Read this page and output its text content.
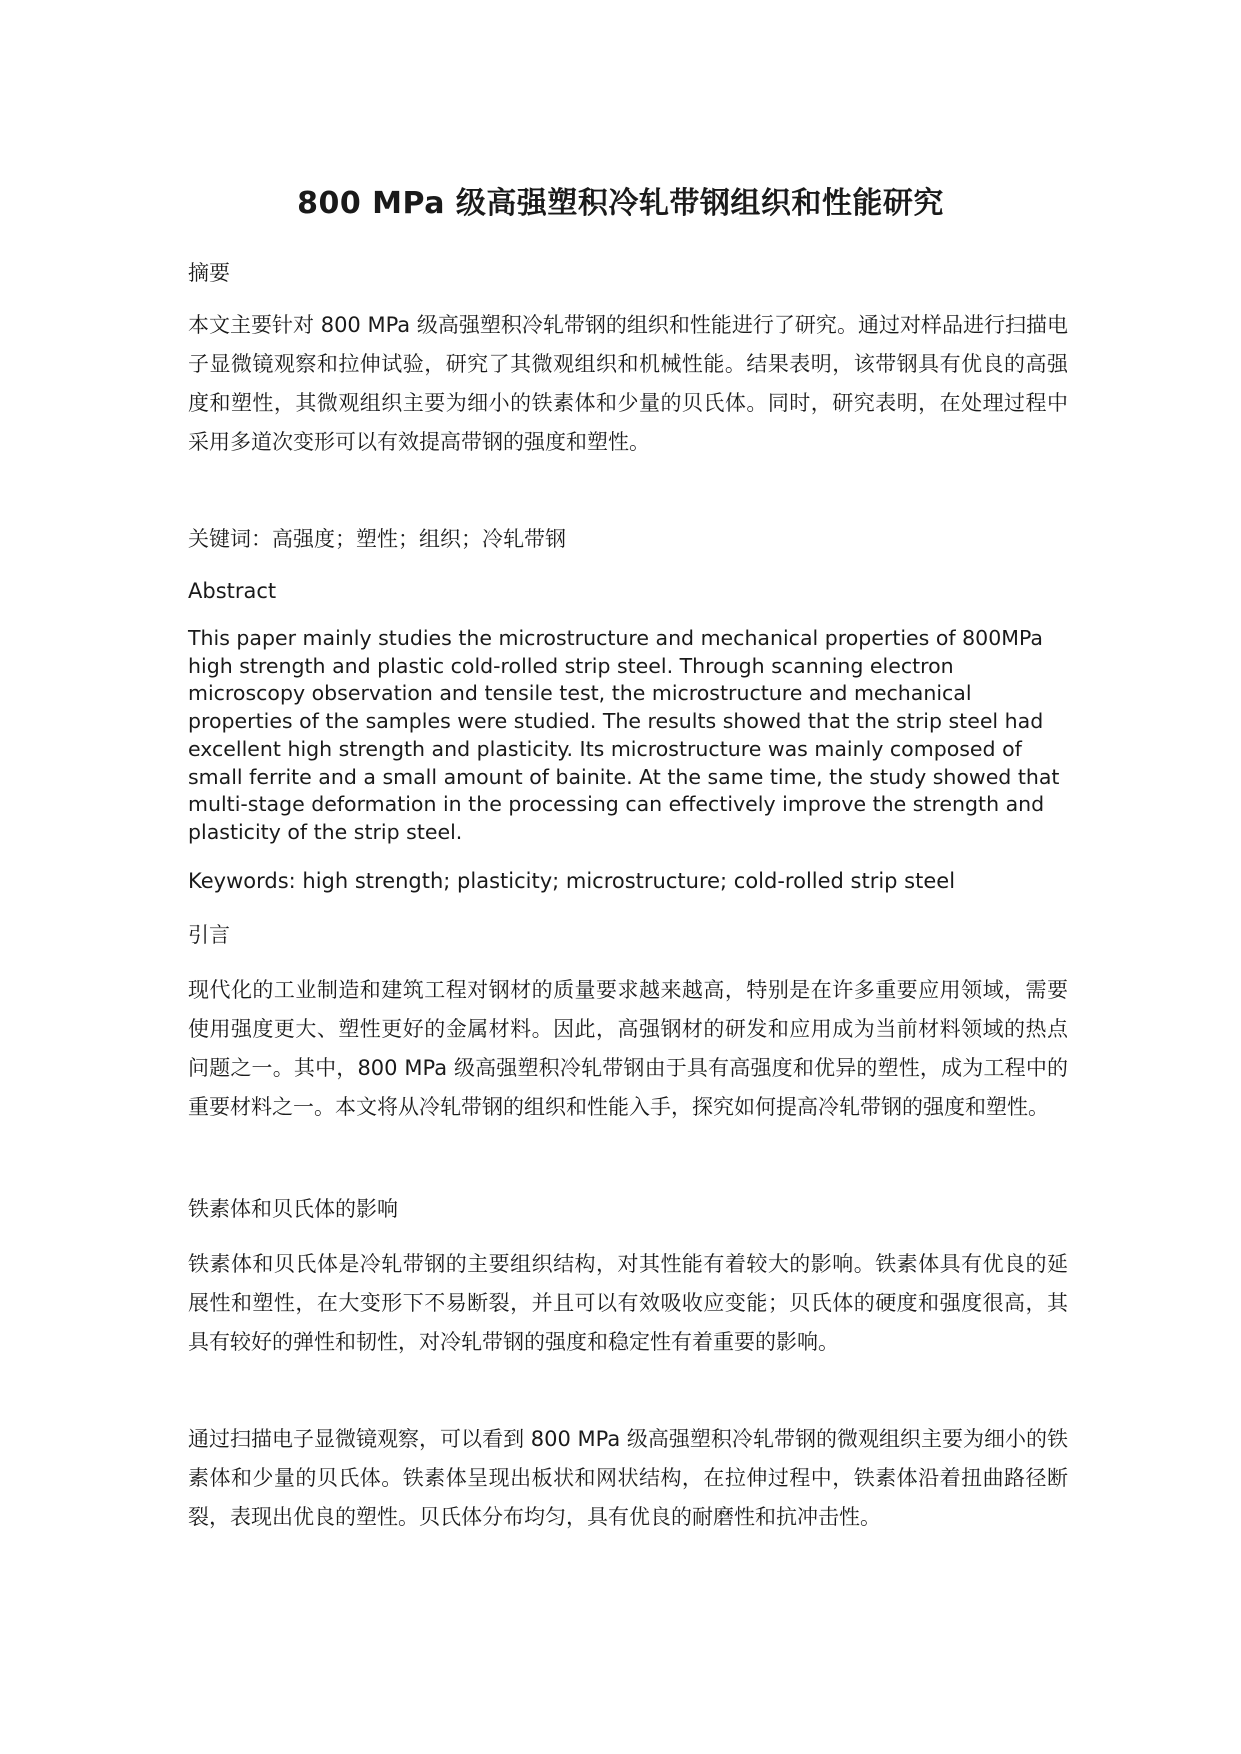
800 MPa 级高强塑积冷轧带钢组织和性能研究

摘要

本文主要针对 800 MPa 级高强塑积冷轧带钢的组织和性能进行了研究。通过对样品进行扫描电子显微镜观察和拉伸试验，研究了其微观组织和机械性能。结果表明，该带钢具有优良的高强度和塑性，其微观组织主要为细小的铁素体和少量的贝氏体。同时，研究表明，在处理过程中采用多道次变形可以有效提高带钢的强度和塑性。

关键词：高强度；塑性；组织；冷轧带钢

Abstract

This paper mainly studies the microstructure and mechanical properties of 800MPa high strength and plastic cold-rolled strip steel. Through scanning electron microscopy observation and tensile test, the microstructure and mechanical properties of the samples were studied. The results showed that the strip steel had excellent high strength and plasticity. Its microstructure was mainly composed of small ferrite and a small amount of bainite. At the same time, the study showed that multi-stage deformation in the processing can effectively improve the strength and plasticity of the strip steel.

Keywords: high strength; plasticity; microstructure; cold-rolled strip steel

引言

现代化的工业制造和建筑工程对钢材的质量要求越来越高，特别是在许多重要应用领域，需要使用强度更大、塑性更好的金属材料。因此，高强钢材的研发和应用成为当前材料领域的热点问题之一。其中，800 MPa 级高强塑积冷轧带钢由于具有高强度和优异的塑性，成为工程中的重要材料之一。本文将从冷轧带钢的组织和性能入手，探究如何提高冷轧带钢的强度和塑性。

铁素体和贝氏体的影响

铁素体和贝氏体是冷轧带钢的主要组织结构，对其性能有着较大的影响。铁素体具有优良的延展性和塑性，在大变形下不易断裂，并且可以有效吸收应变能；贝氏体的硬度和强度很高，其具有较好的弹性和韧性，对冷轧带钢的强度和稳定性有着重要的影响。

通过扫描电子显微镜观察，可以看到 800 MPa 级高强塑积冷轧带钢的微观组织主要为细小的铁素体和少量的贝氏体。铁素体呈现出板状和网状结构，在拉伸过程中，铁素体沿着扭曲路径断裂，表现出优良的塑性。贝氏体分布均匀，具有优良的耐磨性和抗冲击性。
